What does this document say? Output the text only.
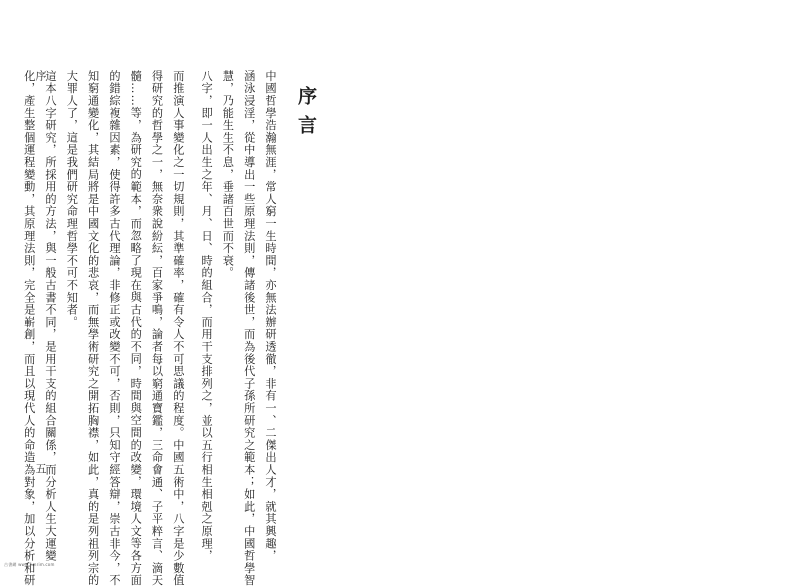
序言
中國哲學浩瀚無涯，常人窮一生時間，亦無法辦研透徹，非有一、二傑出人才，就其興趣，
涵泳浸淫，從中導出一些原理法則，傳諸後世，而為後代子孫所研究之範本；如此，中國哲學智
慧，乃能生生不息，垂諸百世而不衰。
八字，即一人出生之年、月、日、時的組合，而用干支排列之，並以五行相生相剋之原理，
而推演人事變化之一切規則，其準確率，確有令人不可思議的程度。中國五術中，八字是少數值
得研究的哲學之一，無奈衆說紛紜，百家爭鳴，論者每以窮通寶鑑，三命會通、子平粹言、滴天
髓……等，為研究的範本，而忽略了現在與古代的不同，時間與空間的改變，環境人文等各方面
的錯綜複雜因素，使得許多古代理論，非修正或改變不可，否則，只知守經答辯，崇古非今，不
知窮通變化，其結局將是中國文化的悲哀，而無學術研究之開拓胸襟，如此，真的是列祖列宗的
大罪人了，這是我們研究命理哲學不可不知者。
這本八字研究，所採用的方法，與一般古書不同，是用干支的組合關係，而分析人生大運變
化，產生整個運程變動，其原理法則，完全是嶄創，而且以現代人的命造為對象，加以分析和研
序
五
古書網 www.funrim.com
